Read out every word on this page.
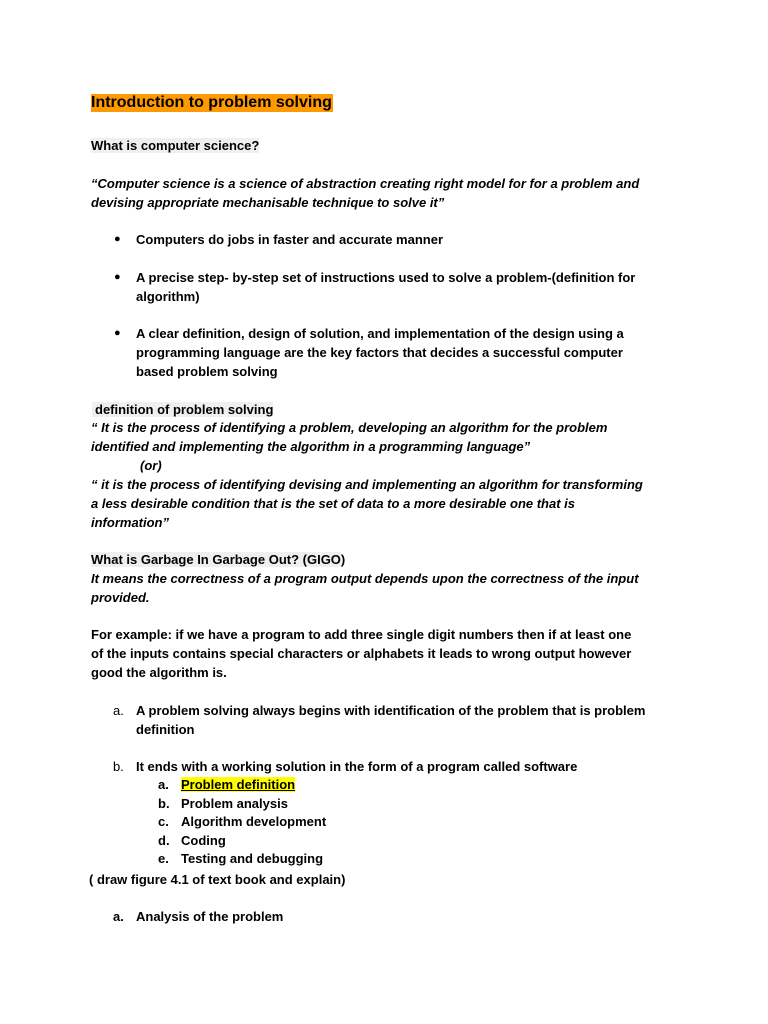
Introduction to problem solving
What is computer science?
“Computer science is a science of abstraction creating right model for for a problem and
devising appropriate mechanisable technique to solve it”
● Computers do jobs in faster and accurate manner
● A precise step- by-step set of instructions used to solve a problem-(definition for
algorithm)
● A clear definition, design of solution, and implementation of the design using a
programming language are the key factors that decides a successful computer
based problem solving
definition of problem solving
“ It is the process of identifying a problem, developing an algorithm for the problem
identified and implementing the algorithm in a programming language”
(or)
“ it is the process of identifying devising and implementing an algorithm for transforming
a less desirable condition that is the set of data to a more desirable one that is
information”
What is Garbage In Garbage Out? (GIGO)
It means the correctness of a program output depends upon the correctness of the input
provided.
For example: if we have a program to add three single digit numbers then if at least one
of the inputs contains special characters or alphabets it leads to wrong output however
good the algorithm is.
a. A problem solving always begins with identification of the problem that is problem
definition
b. It ends with a working solution in the form of a program called software
a. Problem definition
b. Problem analysis
c. Algorithm development
d. Coding
e. Testing and debugging
( draw figure 4.1 of text book and explain)
a. Analysis of the problem
